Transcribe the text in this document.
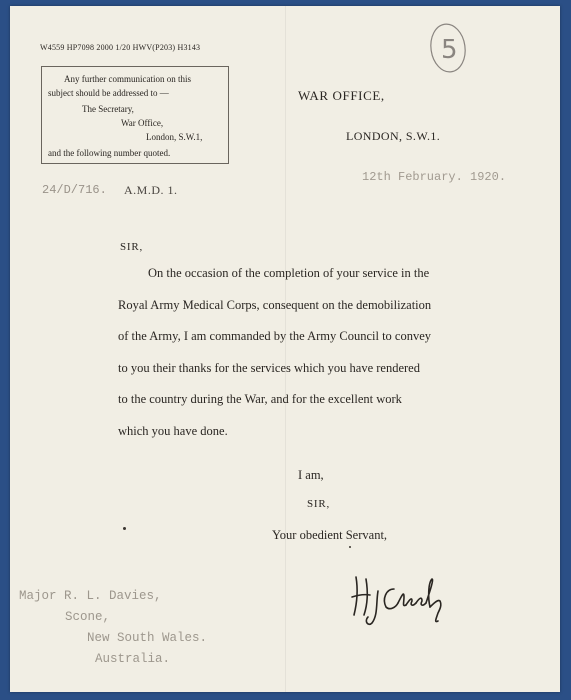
W4559 HP7098 2000 1/20 HWV(P203) H3143	5
Any further communication on this
subject should be addressed to —
The Secretary,
War Office,
London, S.W.1,
and the following number quoted.
WAR OFFICE,
LONDON, S.W.1.
12th February. 1920.
24/D/716. A.M.D. 1.
SIR,
On the occasion of the completion of your service in the
Royal Army Medical Corps, consequent on the demobilization
of the Army, I am commanded by the Army Council to convey
to you their thanks for the services which you have rendered
to the country during the War, and for the excellent work
which you have done.
I am,
SIR,
Your obedient Servant,
Major R. L. Davies,
Scone,
New South Wales.
Australia.
